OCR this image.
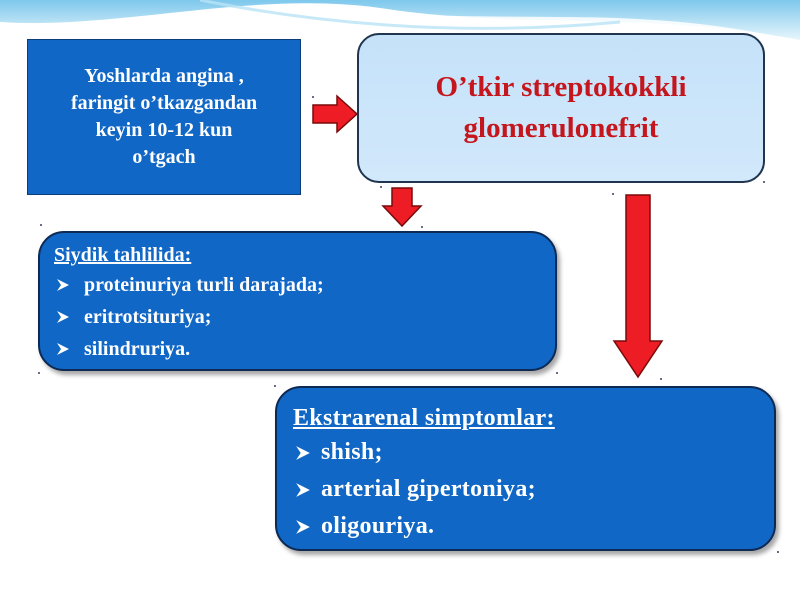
Yoshlarda angina ,
faringit o’tkazgandan
keyin 10-12 kun
o’tgach
O’tkir streptokokkli
glomerulonefrit
Siydik tahlilida:
proteinuriya turli darajada;
eritrotsituriya;
silindruriya.
Ekstrarenal simptomlar:
shish;
arterial gipertoniya;
oligouriya.
